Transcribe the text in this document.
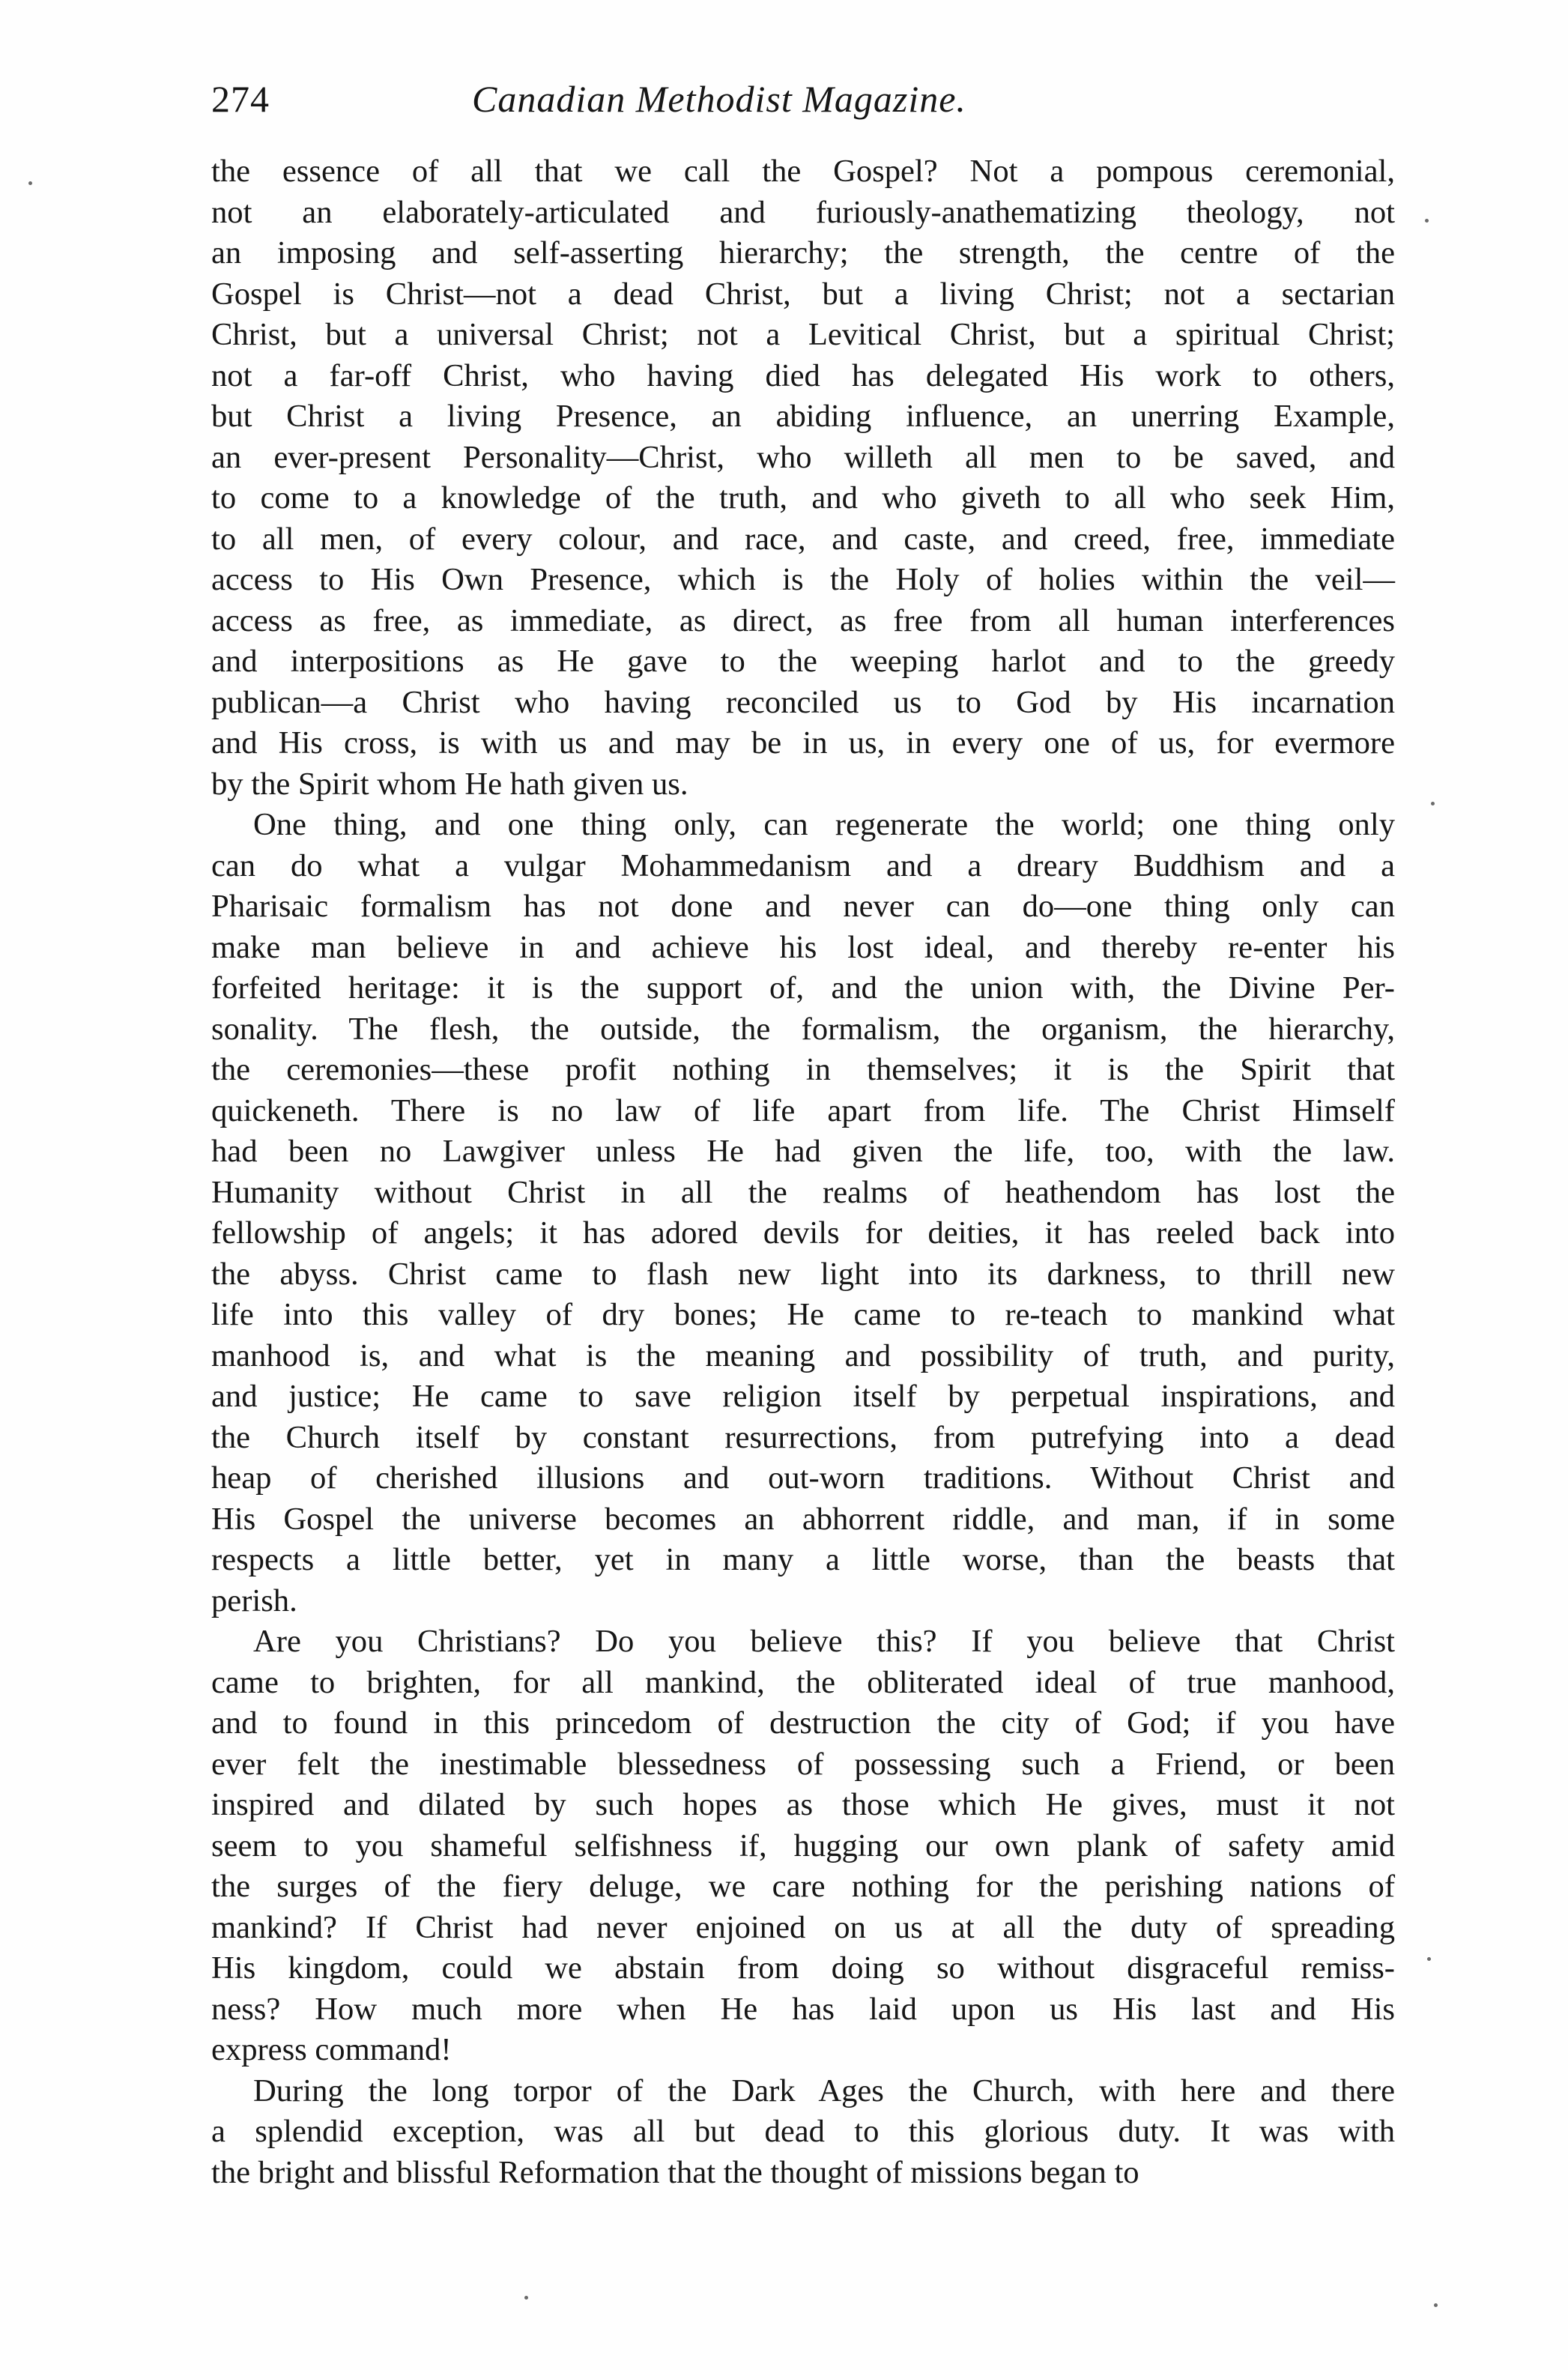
274	Canadian Methodist Magazine.
the essence of all that we call the Gospel? Not a pompous ceremonial,
not an elaborately-articulated and furiously-anathematizing theology, not
an imposing and self-asserting hierarchy; the strength, the centre of the
Gospel is Christ—not a dead Christ, but a living Christ; not a sectarian
Christ, but a universal Christ; not a Levitical Christ, but a spiritual Christ;
not a far-off Christ, who having died has delegated His work to others,
but Christ a living Presence, an abiding influence, an unerring Example,
an ever-present Personality—Christ, who willeth all men to be saved, and
to come to a knowledge of the truth, and who giveth to all who seek Him,
to all men, of every colour, and race, and caste, and creed, free, immediate
access to His Own Presence, which is the Holy of holies within the veil—
access as free, as immediate, as direct, as free from all human interferences
and interpositions as He gave to the weeping harlot and to the greedy
publican—a Christ who having reconciled us to God by His incarnation
and His cross, is with us and may be in us, in every one of us, for evermore
by the Spirit whom He hath given us.
One thing, and one thing only, can regenerate the world; one thing only
can do what a vulgar Mohammedanism and a dreary Buddhism and a
Pharisaic formalism has not done and never can do—one thing only can
make man believe in and achieve his lost ideal, and thereby re-enter his
forfeited heritage: it is the support of, and the union with, the Divine Per-
sonality. The flesh, the outside, the formalism, the organism, the hierarchy,
the ceremonies—these profit nothing in themselves; it is the Spirit that
quickeneth. There is no law of life apart from life. The Christ Himself
had been no Lawgiver unless He had given the life, too, with the law.
Humanity without Christ in all the realms of heathendom has lost the
fellowship of angels; it has adored devils for deities, it has reeled back into
the abyss. Christ came to flash new light into its darkness, to thrill new
life into this valley of dry bones; He came to re-teach to mankind what
manhood is, and what is the meaning and possibility of truth, and purity,
and justice; He came to save religion itself by perpetual inspirations, and
the Church itself by constant resurrections, from putrefying into a dead
heap of cherished illusions and out-worn traditions. Without Christ and
His Gospel the universe becomes an abhorrent riddle, and man, if in some
respects a little better, yet in many a little worse, than the beasts that
perish.
Are you Christians? Do you believe this? If you believe that Christ
came to brighten, for all mankind, the obliterated ideal of true manhood,
and to found in this princedom of destruction the city of God; if you have
ever felt the inestimable blessedness of possessing such a Friend, or been
inspired and dilated by such hopes as those which He gives, must it not
seem to you shameful selfishness if, hugging our own plank of safety amid
the surges of the fiery deluge, we care nothing for the perishing nations of
mankind? If Christ had never enjoined on us at all the duty of spreading
His kingdom, could we abstain from doing so without disgraceful remiss-
ness? How much more when He has laid upon us His last and His
express command!
During the long torpor of the Dark Ages the Church, with here and there
a splendid exception, was all but dead to this glorious duty. It was with
the bright and blissful Reformation that the thought of missions began to
